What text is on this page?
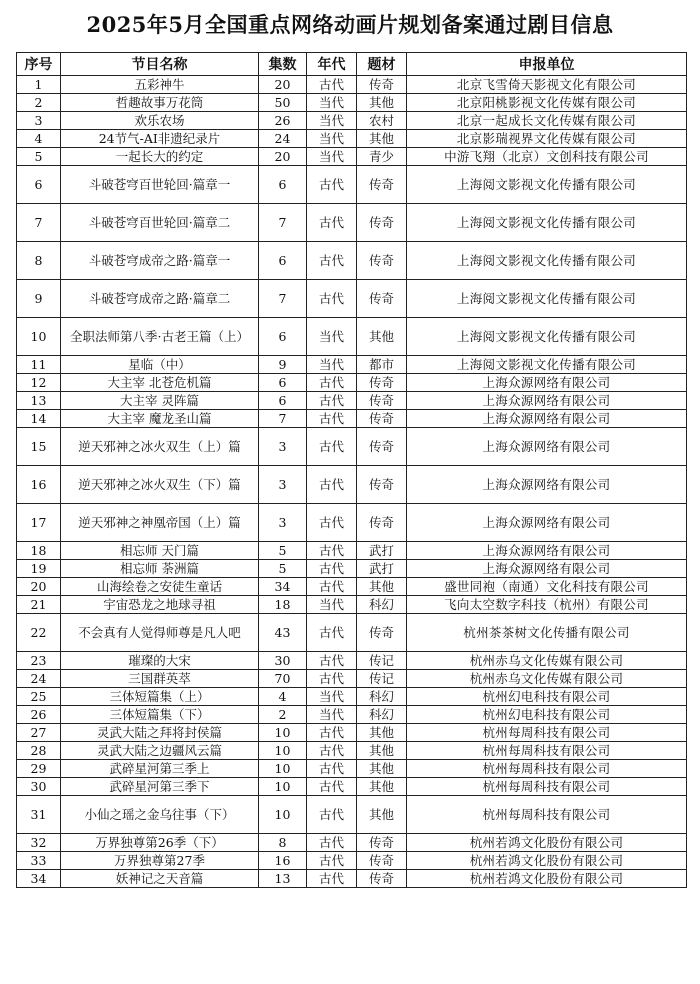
2025年5月全国重点网络动画片规划备案通过剧目信息
序号	节目名称	集数	年代	题材	申报单位
1	五彩神牛	20	古代	传奇	北京飞雪倚天影视文化有限公司
2	哲趣故事万花筒	50	当代	其他	北京阳桃影视文化传媒有限公司
3	欢乐农场	26	当代	农村	北京一起成长文化传媒有限公司
4	24节气-AI非遗纪录片	24	当代	其他	北京影瑞视界文化传媒有限公司
5	一起长大的约定	20	当代	青少	中游飞翔（北京）文创科技有限公司
6	斗破苍穹百世轮回·篇章一	6	古代	传奇	上海阅文影视文化传播有限公司
7	斗破苍穹百世轮回·篇章二	7	古代	传奇	上海阅文影视文化传播有限公司
8	斗破苍穹成帝之路·篇章一	6	古代	传奇	上海阅文影视文化传播有限公司
9	斗破苍穹成帝之路·篇章二	7	古代	传奇	上海阅文影视文化传播有限公司
10	全职法师第八季·古老王篇（上）	6	当代	其他	上海阅文影视文化传播有限公司
11	星临（中）	9	当代	都市	上海阅文影视文化传播有限公司
12	大主宰 北苍危机篇	6	古代	传奇	上海众源网络有限公司
13	大主宰 灵阵篇	6	古代	传奇	上海众源网络有限公司
14	大主宰 魔龙圣山篇	7	古代	传奇	上海众源网络有限公司
15	逆天邪神之冰火双生（上）篇	3	古代	传奇	上海众源网络有限公司
16	逆天邪神之冰火双生（下）篇	3	古代	传奇	上海众源网络有限公司
17	逆天邪神之神凰帝国（上）篇	3	古代	传奇	上海众源网络有限公司
18	相忘师 天门篇	5	古代	武打	上海众源网络有限公司
19	相忘师 荼洲篇	5	古代	武打	上海众源网络有限公司
20	山海绘卷之安徒生童话	34	古代	其他	盛世同袍（南通）文化科技有限公司
21	宇宙恐龙之地球寻祖	18	当代	科幻	飞向太空数字科技（杭州）有限公司
22	不会真有人觉得师尊是凡人吧	43	古代	传奇	杭州茶茶树文化传播有限公司
23	璀璨的大宋	30	古代	传记	杭州赤乌文化传媒有限公司
24	三国群英萃	70	古代	传记	杭州赤乌文化传媒有限公司
25	三体短篇集（上）	4	当代	科幻	杭州幻电科技有限公司
26	三体短篇集（下）	2	当代	科幻	杭州幻电科技有限公司
27	灵武大陆之拜将封侯篇	10	古代	其他	杭州每周科技有限公司
28	灵武大陆之边疆风云篇	10	古代	其他	杭州每周科技有限公司
29	武碎星河第三季上	10	古代	其他	杭州每周科技有限公司
30	武碎星河第三季下	10	古代	其他	杭州每周科技有限公司
31	小仙之瑶之金乌往事（下）	10	古代	其他	杭州每周科技有限公司
32	万界独尊第26季（下）	8	古代	传奇	杭州若鸿文化股份有限公司
33	万界独尊第27季	16	古代	传奇	杭州若鸿文化股份有限公司
34	妖神记之天音篇	13	古代	传奇	杭州若鸿文化股份有限公司
